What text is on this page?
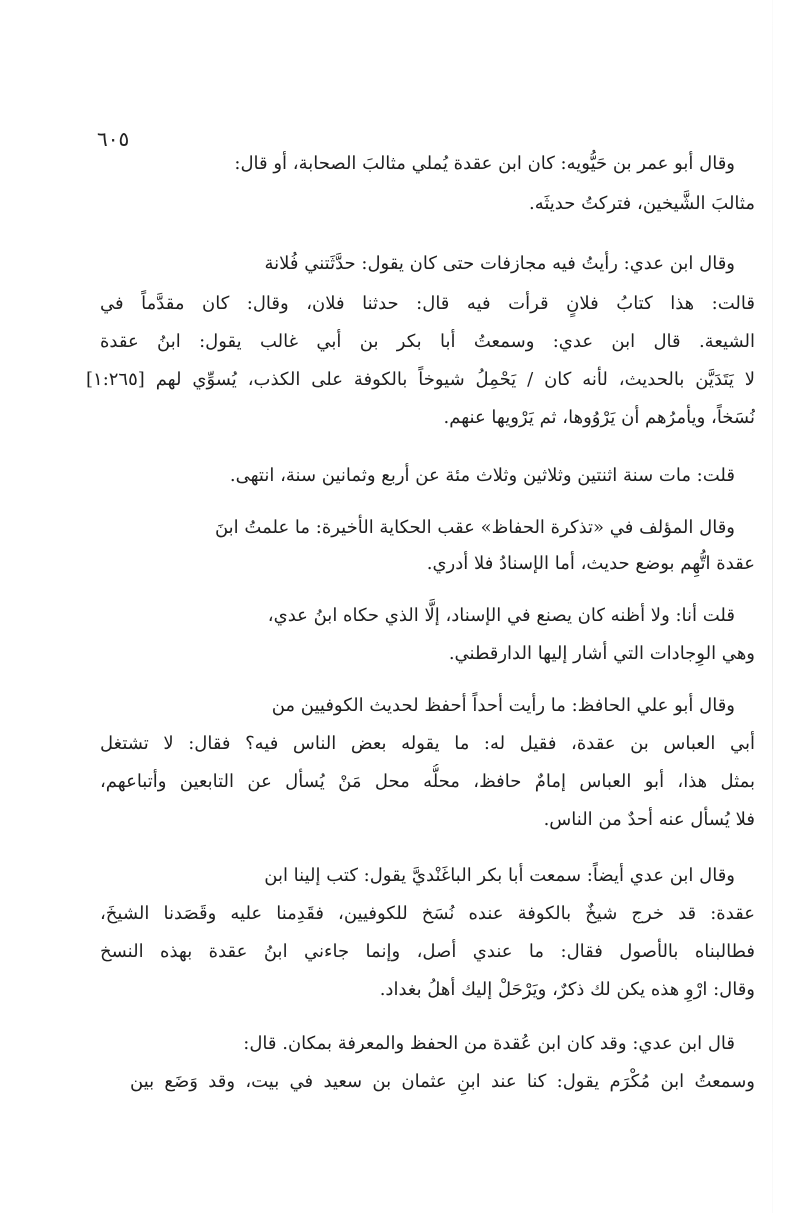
٦٠٥
وقال أبو عمر بن حَيُّويه: كان ابن عقدة يُملي مثالبَ الصحابة، أو قال:
مثالبَ الشَّيخين، فتركتُ حديثَه.
وقال ابن عدي: رأيتُ فيه مجازفات حتى كان يقول: حدَّثَتني فُلانة
قالت: هذا كتابُ فلانٍ قرأت فيه قال: حدثنا فلان، وقال: كان مقدَّماً في
الشيعة. قال ابن عدي: وسمعتُ أبا بكر بن أبي غالب يقول: ابنُ عقدة
لا يَتَدَيَّن بالحديث، لأنه كان / يَحْمِلُ شيوخاً بالكوفة على الكذب، يُسوِّي لهم [١:٢٦٥]
نُسَخاً، ويأمرُهم أن يَرْوُوها، ثم يَرْويها عنهم.
قلت: مات سنة اثنتين وثلاثين وثلاث مئة عن أربع وثمانين سنة، انتهى.
وقال المؤلف في «تذكرة الحفاظ» عقب الحكاية الأخيرة: ما علمتُ ابنَ
عقدة اتُّهِم بوضع حديث، أما الإسنادُ فلا أدري.
قلت أنا: ولا أظنه كان يصنع في الإسناد، إلَّا الذي حكاه ابنُ عدي،
وهي الوِجادات التي أشار إليها الدارقطني.
وقال أبو علي الحافظ: ما رأيت أحداً أحفظ لحديث الكوفيين من
أبي العباس بن عقدة، فقيل له: ما يقوله بعض الناس فيه؟ فقال: لا تشتغل
بمثل هذا، أبو العباس إمامٌ حافظ، محلُّه محل مَنْ يُسأل عن التابعين وأتباعهم،
فلا يُسأل عنه أحدٌ من الناس.
وقال ابن عدي أيضاً: سمعت أبا بكر الباغَنْديَّ يقول: كتب إلينا ابن
عقدة: قد خرج شيخٌ بالكوفة عنده نُسَخ للكوفيين، فقَدِمنا عليه وقَصَدنا الشيخَ،
فطالبناه بالأصول فقال: ما عندي أصل، وإنما جاءني ابنُ عقدة بهذه النسخ
وقال: ارْوِ هذه يكن لك ذكرٌ، ويَرْحَلْ إليك أهلُ بغداد.
قال ابن عدي: وقد كان ابن عُقدة من الحفظ والمعرفة بمكان. قال:
وسمعتُ ابن مُكْرَم يقول: كنا عند ابنِ عثمان بن سعيد في بيت، وقد وَضَع بين
